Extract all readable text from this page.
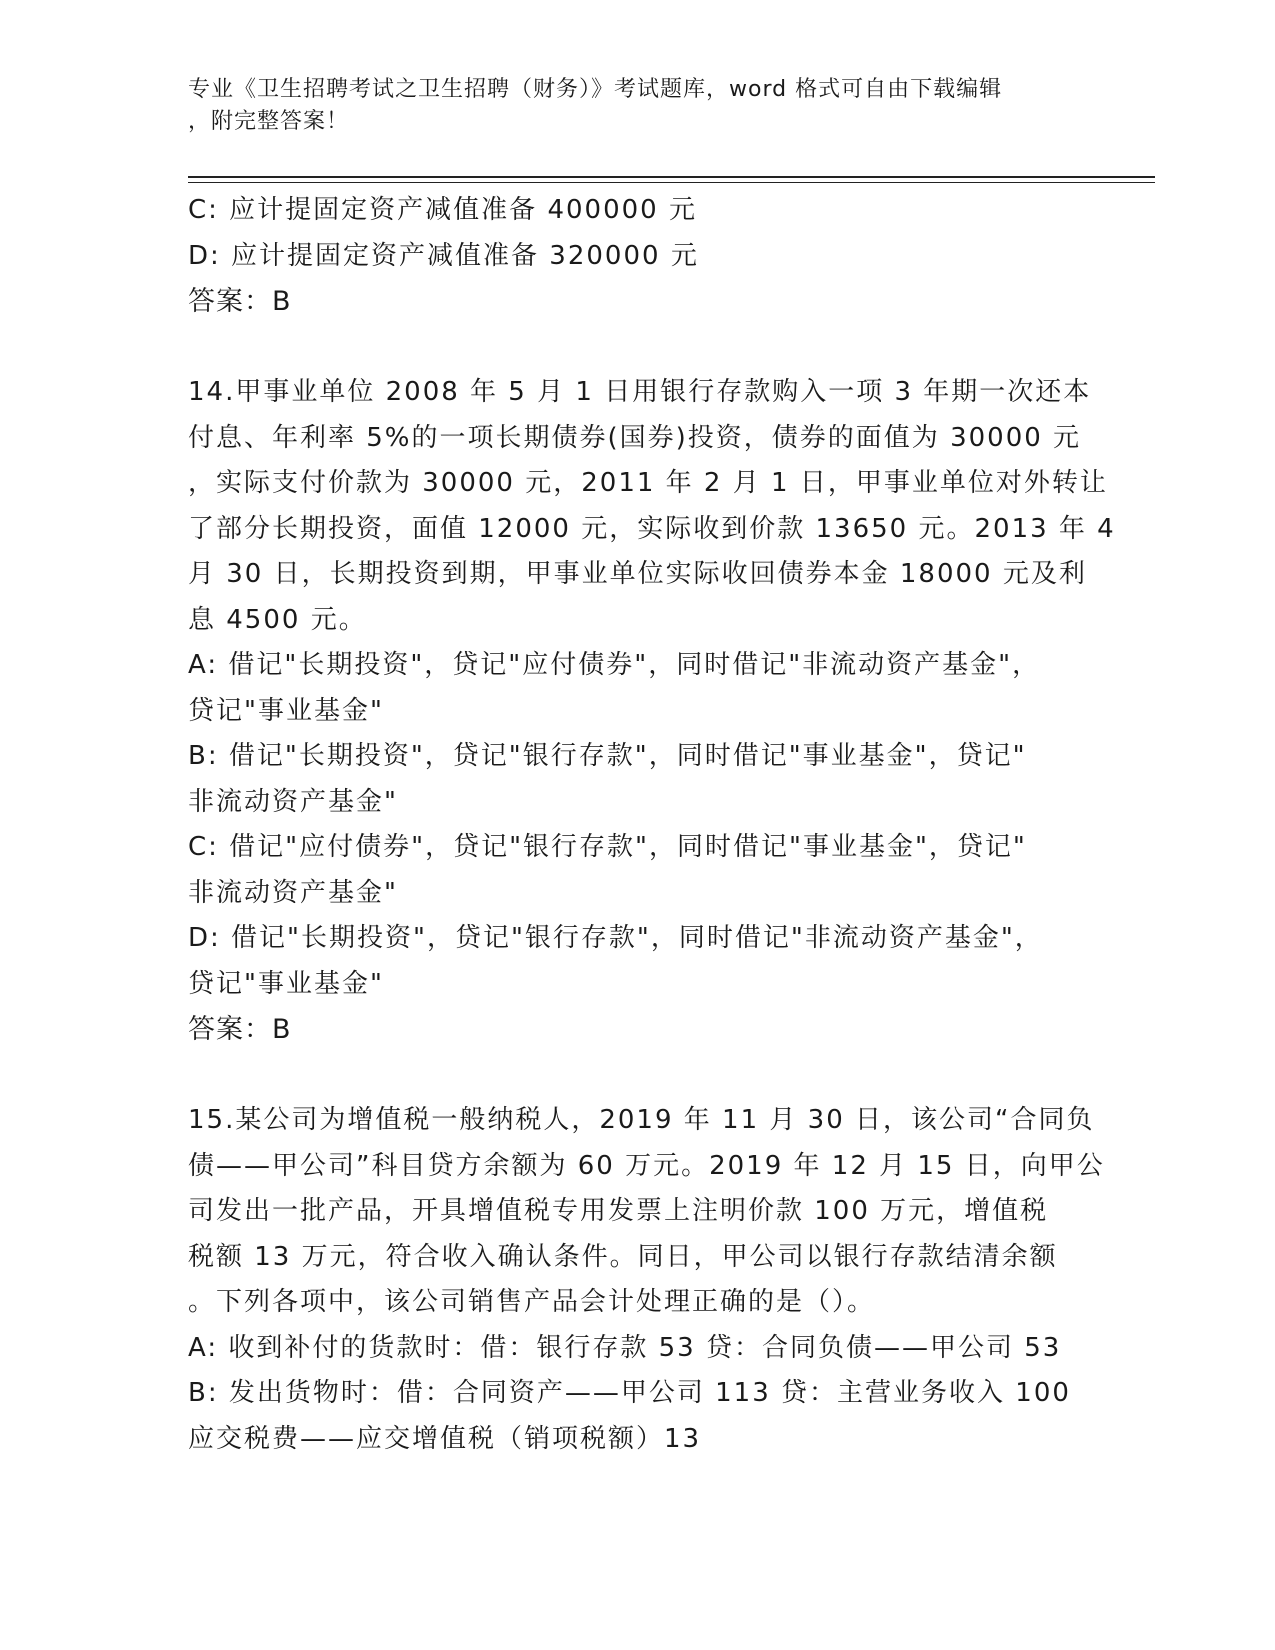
专业《卫生招聘考试之卫生招聘（财务）》考试题库，word 格式可自由下载编辑
，附完整答案！
C: 应计提固定资产减值准备 400000 元
D: 应计提固定资产减值准备 320000 元
答案：B
14.甲事业单位 2008 年 5 月 1 日用银行存款购入一项 3 年期一次还本
付息、年利率 5%的一项长期债券(国券)投资，债券的面值为 30000 元
，实际支付价款为 30000 元，2011 年 2 月 1 日，甲事业单位对外转让
了部分长期投资，面值 12000 元，实际收到价款 13650 元。2013 年 4
月 30 日，长期投资到期，甲事业单位实际收回债券本金 18000 元及利
息 4500 元。
A: 借记"长期投资"，贷记"应付债券"，同时借记"非流动资产基金"，
贷记"事业基金"
B: 借记"长期投资"，贷记"银行存款"，同时借记"事业基金"，贷记"
非流动资产基金"
C: 借记"应付债券"，贷记"银行存款"，同时借记"事业基金"，贷记"
非流动资产基金"
D: 借记"长期投资"，贷记"银行存款"，同时借记"非流动资产基金"，
贷记"事业基金"
答案：B
15.某公司为增值税一般纳税人，2019 年 11 月 30 日，该公司“合同负
债——甲公司”科目贷方余额为 60 万元。2019 年 12 月 15 日，向甲公
司发出一批产品，开具增值税专用发票上注明价款 100 万元，增值税
税额 13 万元，符合收入确认条件。同日，甲公司以银行存款结清余额
。下列各项中，该公司销售产品会计处理正确的是（）。
A: 收到补付的货款时：借：银行存款 53 贷：合同负债——甲公司 53
B: 发出货物时：借：合同资产——甲公司 113 贷：主营业务收入 100
应交税费——应交增值税（销项税额）13
